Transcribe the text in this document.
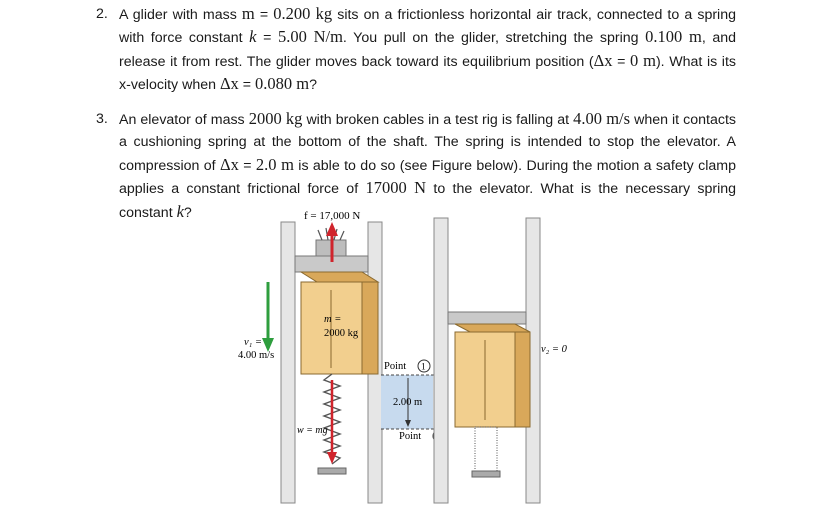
2. A glider with mass m = 0.200 kg sits on a frictionless horizontal air track, connected to a spring with force constant k = 5.00 N/m. You pull on the glider, stretching the spring 0.100 m, and release it from rest. The glider moves back toward its equilibrium position (Δx = 0 m). What is its x-velocity when Δx = 0.080 m?
3. An elevator of mass 2000 kg with broken cables in a test rig is falling at 4.00 m/s when it contacts a cushioning spring at the bottom of the shaft. The spring is intended to stop the elevator. A compression of Δx = 2.0 m is able to do so (see Figure below). During the motion a safety clamp applies a constant frictional force of 17000 N to the elevator. What is the necessary spring constant k?	f = 17,000 N
m =
2000 kg
w = mg
v₁ =
4.00 m/s
Point 1
Point
2.00 m
v₂ = 0
